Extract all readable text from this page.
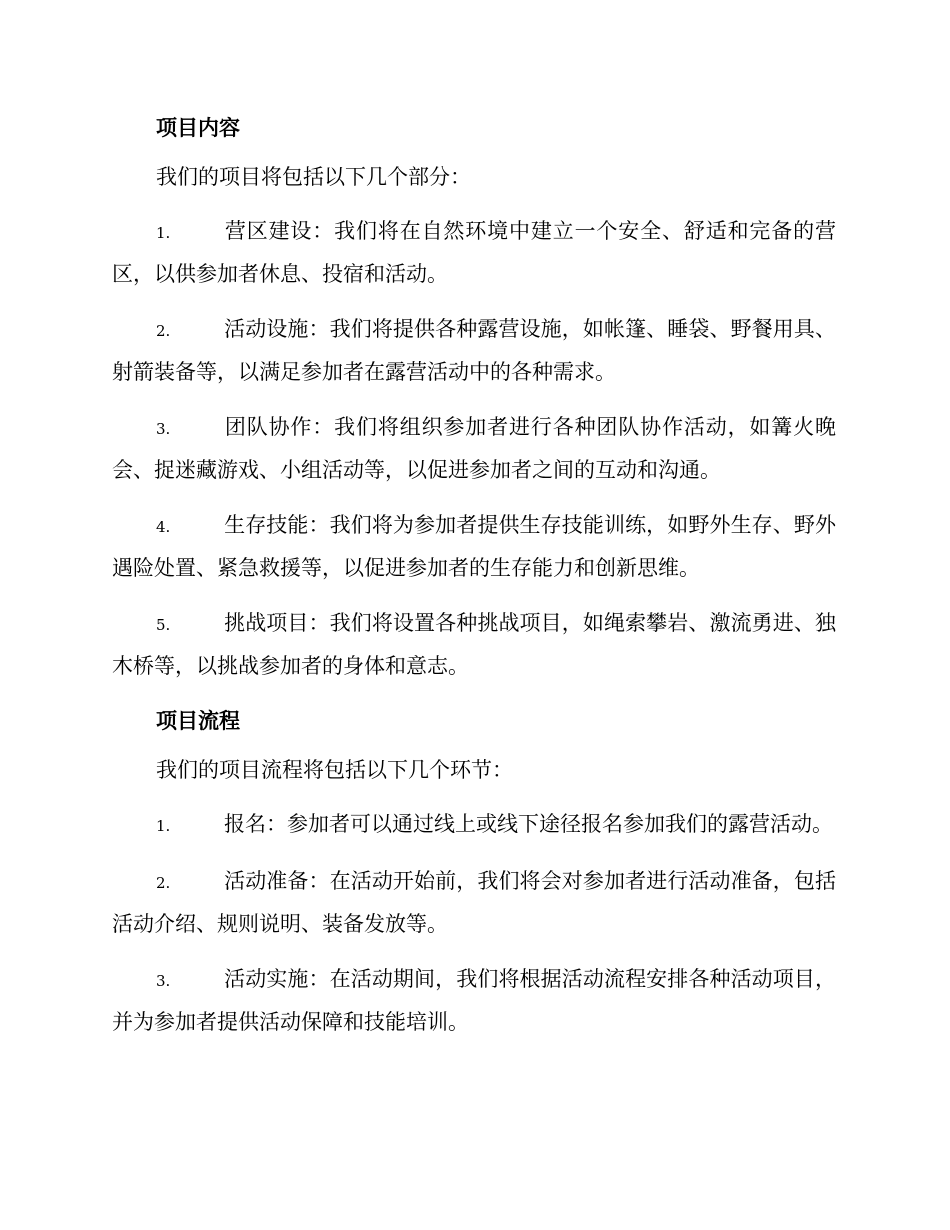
项目内容
我们的项目将包括以下几个部分：
1.	营区建设：我们将在自然环境中建立一个安全、舒适和完备的营区，以供参加者休息、投宿和活动。
2.	活动设施：我们将提供各种露营设施，如帐篷、睡袋、野餐用具、射箭装备等，以满足参加者在露营活动中的各种需求。
3.	团队协作：我们将组织参加者进行各种团队协作活动，如篝火晚会、捉迷藏游戏、小组活动等，以促进参加者之间的互动和沟通。
4.	生存技能：我们将为参加者提供生存技能训练，如野外生存、野外遇险处置、紧急救援等，以促进参加者的生存能力和创新思维。
5.	挑战项目：我们将设置各种挑战项目，如绳索攀岩、激流勇进、独木桥等，以挑战参加者的身体和意志。
项目流程
我们的项目流程将包括以下几个环节：
1.	报名：参加者可以通过线上或线下途径报名参加我们的露营活动。
2.	活动准备：在活动开始前，我们将会对参加者进行活动准备，包括活动介绍、规则说明、装备发放等。
3.	活动实施：在活动期间，我们将根据活动流程安排各种活动项目，并为参加者提供活动保障和技能培训。
